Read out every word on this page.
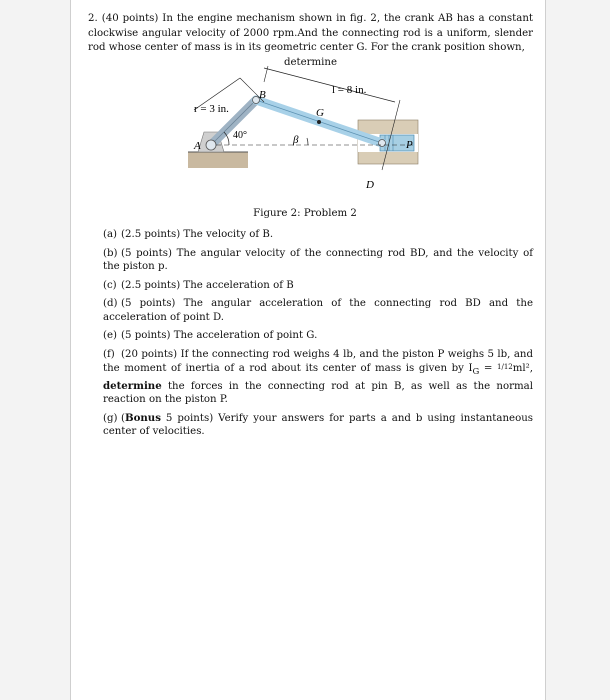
2. (40 points) In the engine mechanism shown in fig. 2, the crank AB has a constant clockwise angular velocity of 2000 rpm.And the connecting rod is a uniform, slender rod whose center of mass is in its geometric center G. For the crank position shown,
determine
r = 3 in.
l = 8 in.
A
B
G
D
P
40°	β
Figure 2: Problem 2
(a) (2.5 points) The velocity of B.
(b) (5 points) The angular velocity of the connecting rod BD, and the velocity of the piston p.
(c) (2.5 points) The acceleration of B
(d) (5 points) The angular acceleration of the connecting rod BD and the acceleration of point D.
(e) (5 points) The acceleration of point G.
(f) (20 points) If the connecting rod weighs 4 lb, and the piston P weighs 5 lb, and the moment of inertia of a rod about its center of mass is given by $I_G = 1/12ml^2$, determine the forces in the connecting rod at pin B, as well as the normal reaction on the piston P.
(g) (Bonus 5 points) Verify your answers for parts a and b using instantaneous center of velocities.
